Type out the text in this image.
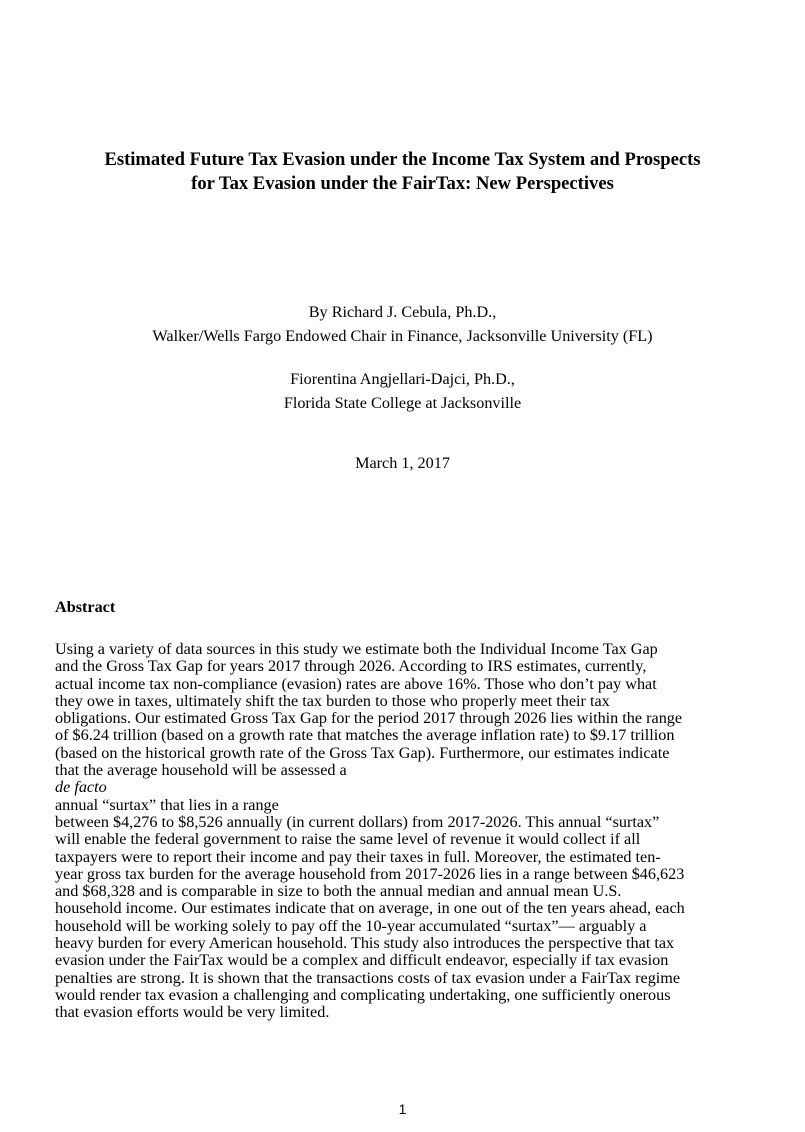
Estimated Future Tax Evasion under the Income Tax System and Prospects
for Tax Evasion under the FairTax: New Perspectives
By Richard J. Cebula, Ph.D.,
Walker/Wells Fargo Endowed Chair in Finance, Jacksonville University (FL)
Fiorentina Angjellari-Dajci, Ph.D.,
Florida State College at Jacksonville
March 1, 2017
Abstract
Using a variety of data sources in this study we estimate both the Individual Income Tax Gap
and the Gross Tax Gap for years 2017 through 2026. According to IRS estimates, currently,
actual income tax non-compliance (evasion) rates are above 16%. Those who don’t pay what
they owe in taxes, ultimately shift the tax burden to those who properly meet their tax
obligations. Our estimated Gross Tax Gap for the period 2017 through 2026 lies within the range
of $6.24 trillion (based on a growth rate that matches the average inflation rate) to $9.17 trillion
(based on the historical growth rate of the Gross Tax Gap). Furthermore, our estimates indicate
that the average household will be assessed a
de facto
annual “surtax” that lies in a range
between $4,276 to $8,526 annually (in current dollars) from 2017-2026. This annual “surtax”
will enable the federal government to raise the same level of revenue it would collect if all
taxpayers were to report their income and pay their taxes in full. Moreover, the estimated ten-
year gross tax burden for the average household from 2017-2026 lies in a range between $46,623
and $68,328 and is comparable in size to both the annual median and annual mean U.S.
household income. Our estimates indicate that on average, in one out of the ten years ahead, each
household will be working solely to pay off the 10-year accumulated “surtax”— arguably a
heavy burden for every American household. This study also introduces the perspective that tax
evasion under the FairTax would be a complex and difficult endeavor, especially if tax evasion
penalties are strong. It is shown that the transactions costs of tax evasion under a FairTax regime
would render tax evasion a challenging and complicating undertaking, one sufficiently onerous
that evasion efforts would be very limited.
1
